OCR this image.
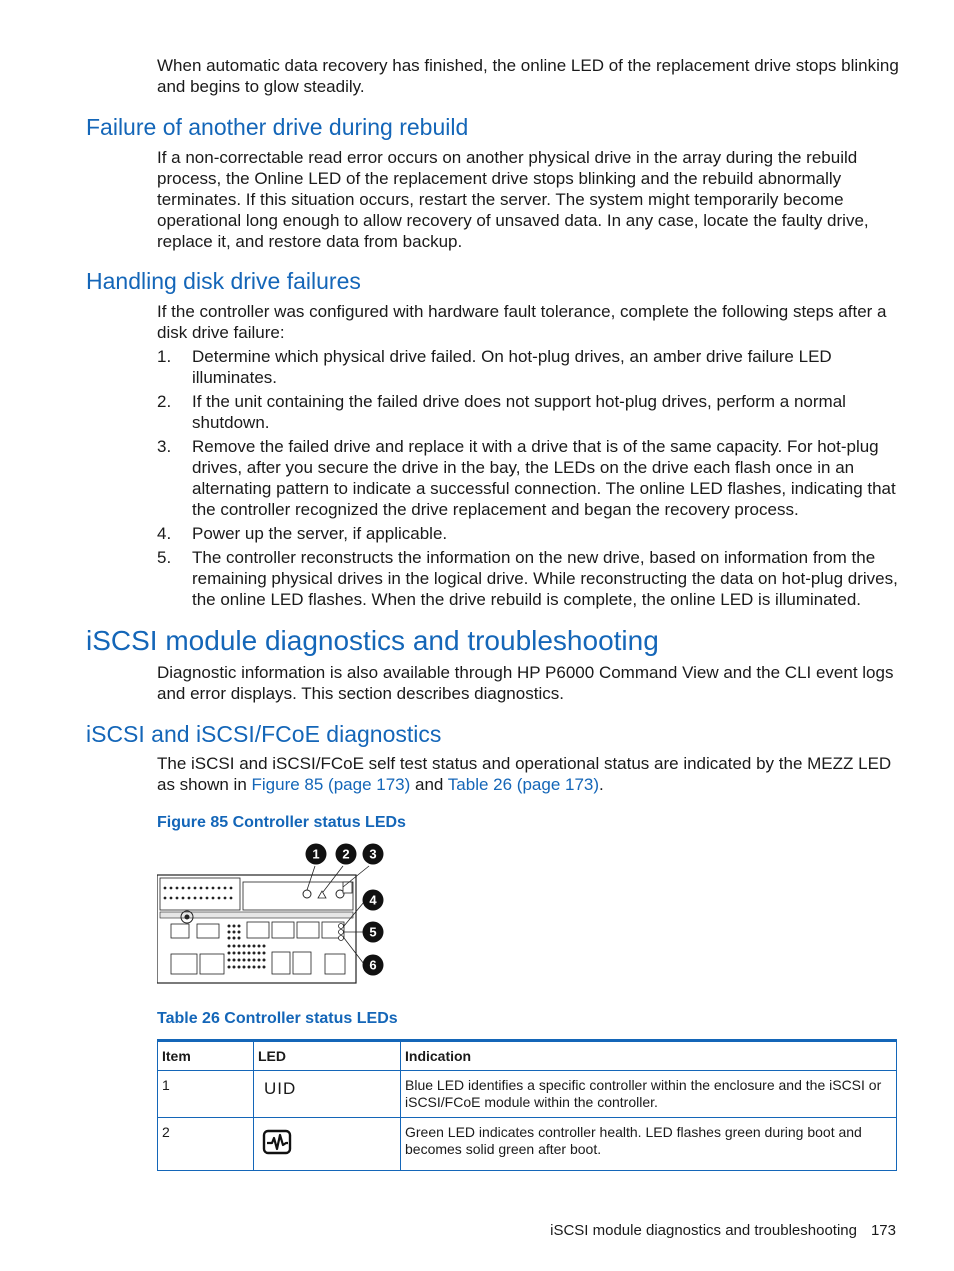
When automatic data recovery has finished, the online LED of the replacement drive stops blinking and begins to glow steadily.

Failure of another drive during rebuild

If a non-correctable read error occurs on another physical drive in the array during the rebuild process, the Online LED of the replacement drive stops blinking and the rebuild abnormally terminates. If this situation occurs, restart the server. The system might temporarily become operational long enough to allow recovery of unsaved data. In any case, locate the faulty drive, replace it, and restore data from backup.

Handling disk drive failures

If the controller was configured with hardware fault tolerance, complete the following steps after a disk drive failure:

1. Determine which physical drive failed. On hot-plug drives, an amber drive failure LED illuminates.
2. If the unit containing the failed drive does not support hot-plug drives, perform a normal shutdown.
3. Remove the failed drive and replace it with a drive that is of the same capacity. For hot-plug drives, after you secure the drive in the bay, the LEDs on the drive each flash once in an alternating pattern to indicate a successful connection. The online LED flashes, indicating that the controller recognized the drive replacement and began the recovery process.
4. Power up the server, if applicable.
5. The controller reconstructs the information on the new drive, based on information from the remaining physical drives in the logical drive. While reconstructing the data on hot-plug drives, the online LED flashes. When the drive rebuild is complete, the online LED is illuminated.
iSCSI module diagnostics and troubleshooting

Diagnostic information is also available through HP P6000 Command View and the CLI event logs and error displays. This section describes diagnostics.

iSCSI and iSCSI/FCoE diagnostics

The iSCSI and iSCSI/FCoE self test status and operational status are indicated by the MEZZ LED as shown in Figure 85 (page 173) and Table 26 (page 173).

Figure 85 Controller status LEDs

1 2 3
4
5
6

Table 26 Controller status LEDs

Item	LED	Indication
1	UID	Blue LED identifies a specific controller within the enclosure and the iSCSI or iSCSI/FCoE module within the controller.
2		Green LED indicates controller health. LED flashes green during boot and becomes solid green after boot.
iSCSI module diagnostics and troubleshooting 173
